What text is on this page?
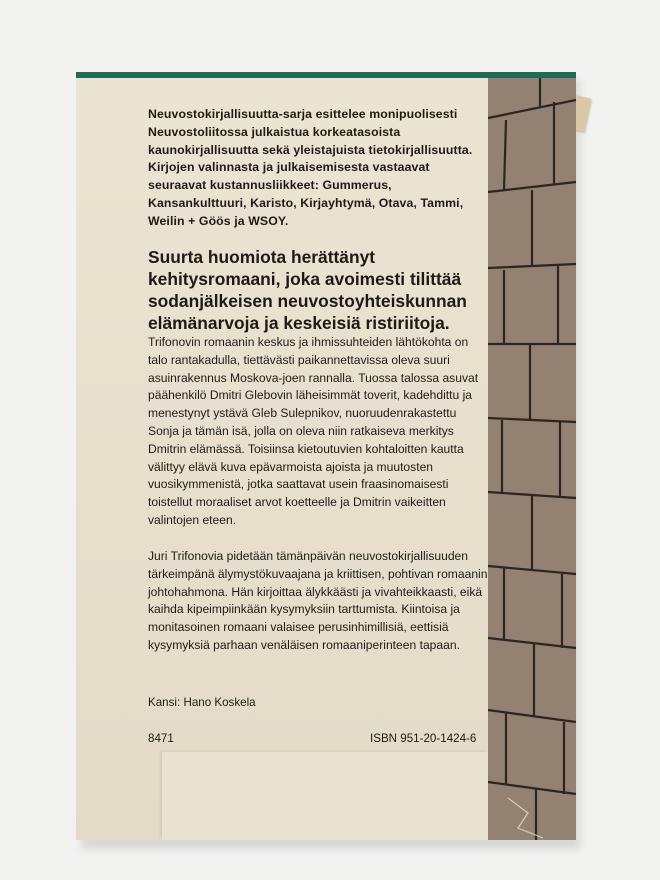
Neuvostokirjallisuutta-sarja esittelee monipuolisesti Neuvostoliitossa julkaistua korkeatasoista kaunokirjallisuutta sekä yleistajuista tietokirjallisuutta. Kirjojen valinnasta ja julkaisemisesta vastaavat seuraavat kustannusliikkeet: Gummerus, Kansankulttuuri, Karisto, Kirjayhtymä, Otava, Tammi, Weilin + Göös ja WSOY.

Suurta huomiota herättänyt kehitysromaani, joka avoimesti tilittää sodanjälkeisen neuvostoyhteiskunnan elämänarvoja ja keskeisiä ristiriitoja.

Trifonovin romaanin keskus ja ihmissuhteiden lähtökohta on talo rantakadulla, tiettävästi paikannettavissa oleva suuri asuinrakennus Moskova-joen rannalla. Tuossa talossa asuvat päähenkilö Dmitri Glebovin läheisimmät toverit, kadehdittu ja menestynyt ystävä Gleb Sulepnikov, nuoruudenrakastettu Sonja ja tämän isä, jolla on oleva niin ratkaiseva merkitys Dmitrin elämässä. Toisiinsa kietoutuvien kohtaloitten kautta välittyy elävä kuva epävarmoista ajoista ja muutosten vuosikymmenistä, jotka saattavat usein fraasinomaisesti toistellut moraaliset arvot koetteelle ja Dmitrin vaikeitten valintojen eteen.

Juri Trifonovia pidetään tämänpäivän neuvostokirjallisuuden tärkeimpänä älymystökuvaajana ja kriittisen, pohtivan romaanin johtohahmona. Hän kirjoittaa älykkäästi ja vivahteikkaasti, eikä kaihda kipeimpiinkään kysymyksiin tarttumista. Kiintoisa ja monitasoinen romaani valaisee perusinhimillisiä, eettisiä kysymyksiä parhaan venäläisen romaaniperinteen tapaan.

Kansi: Hano Koskela

8471	ISBN 951-20-1424-6
